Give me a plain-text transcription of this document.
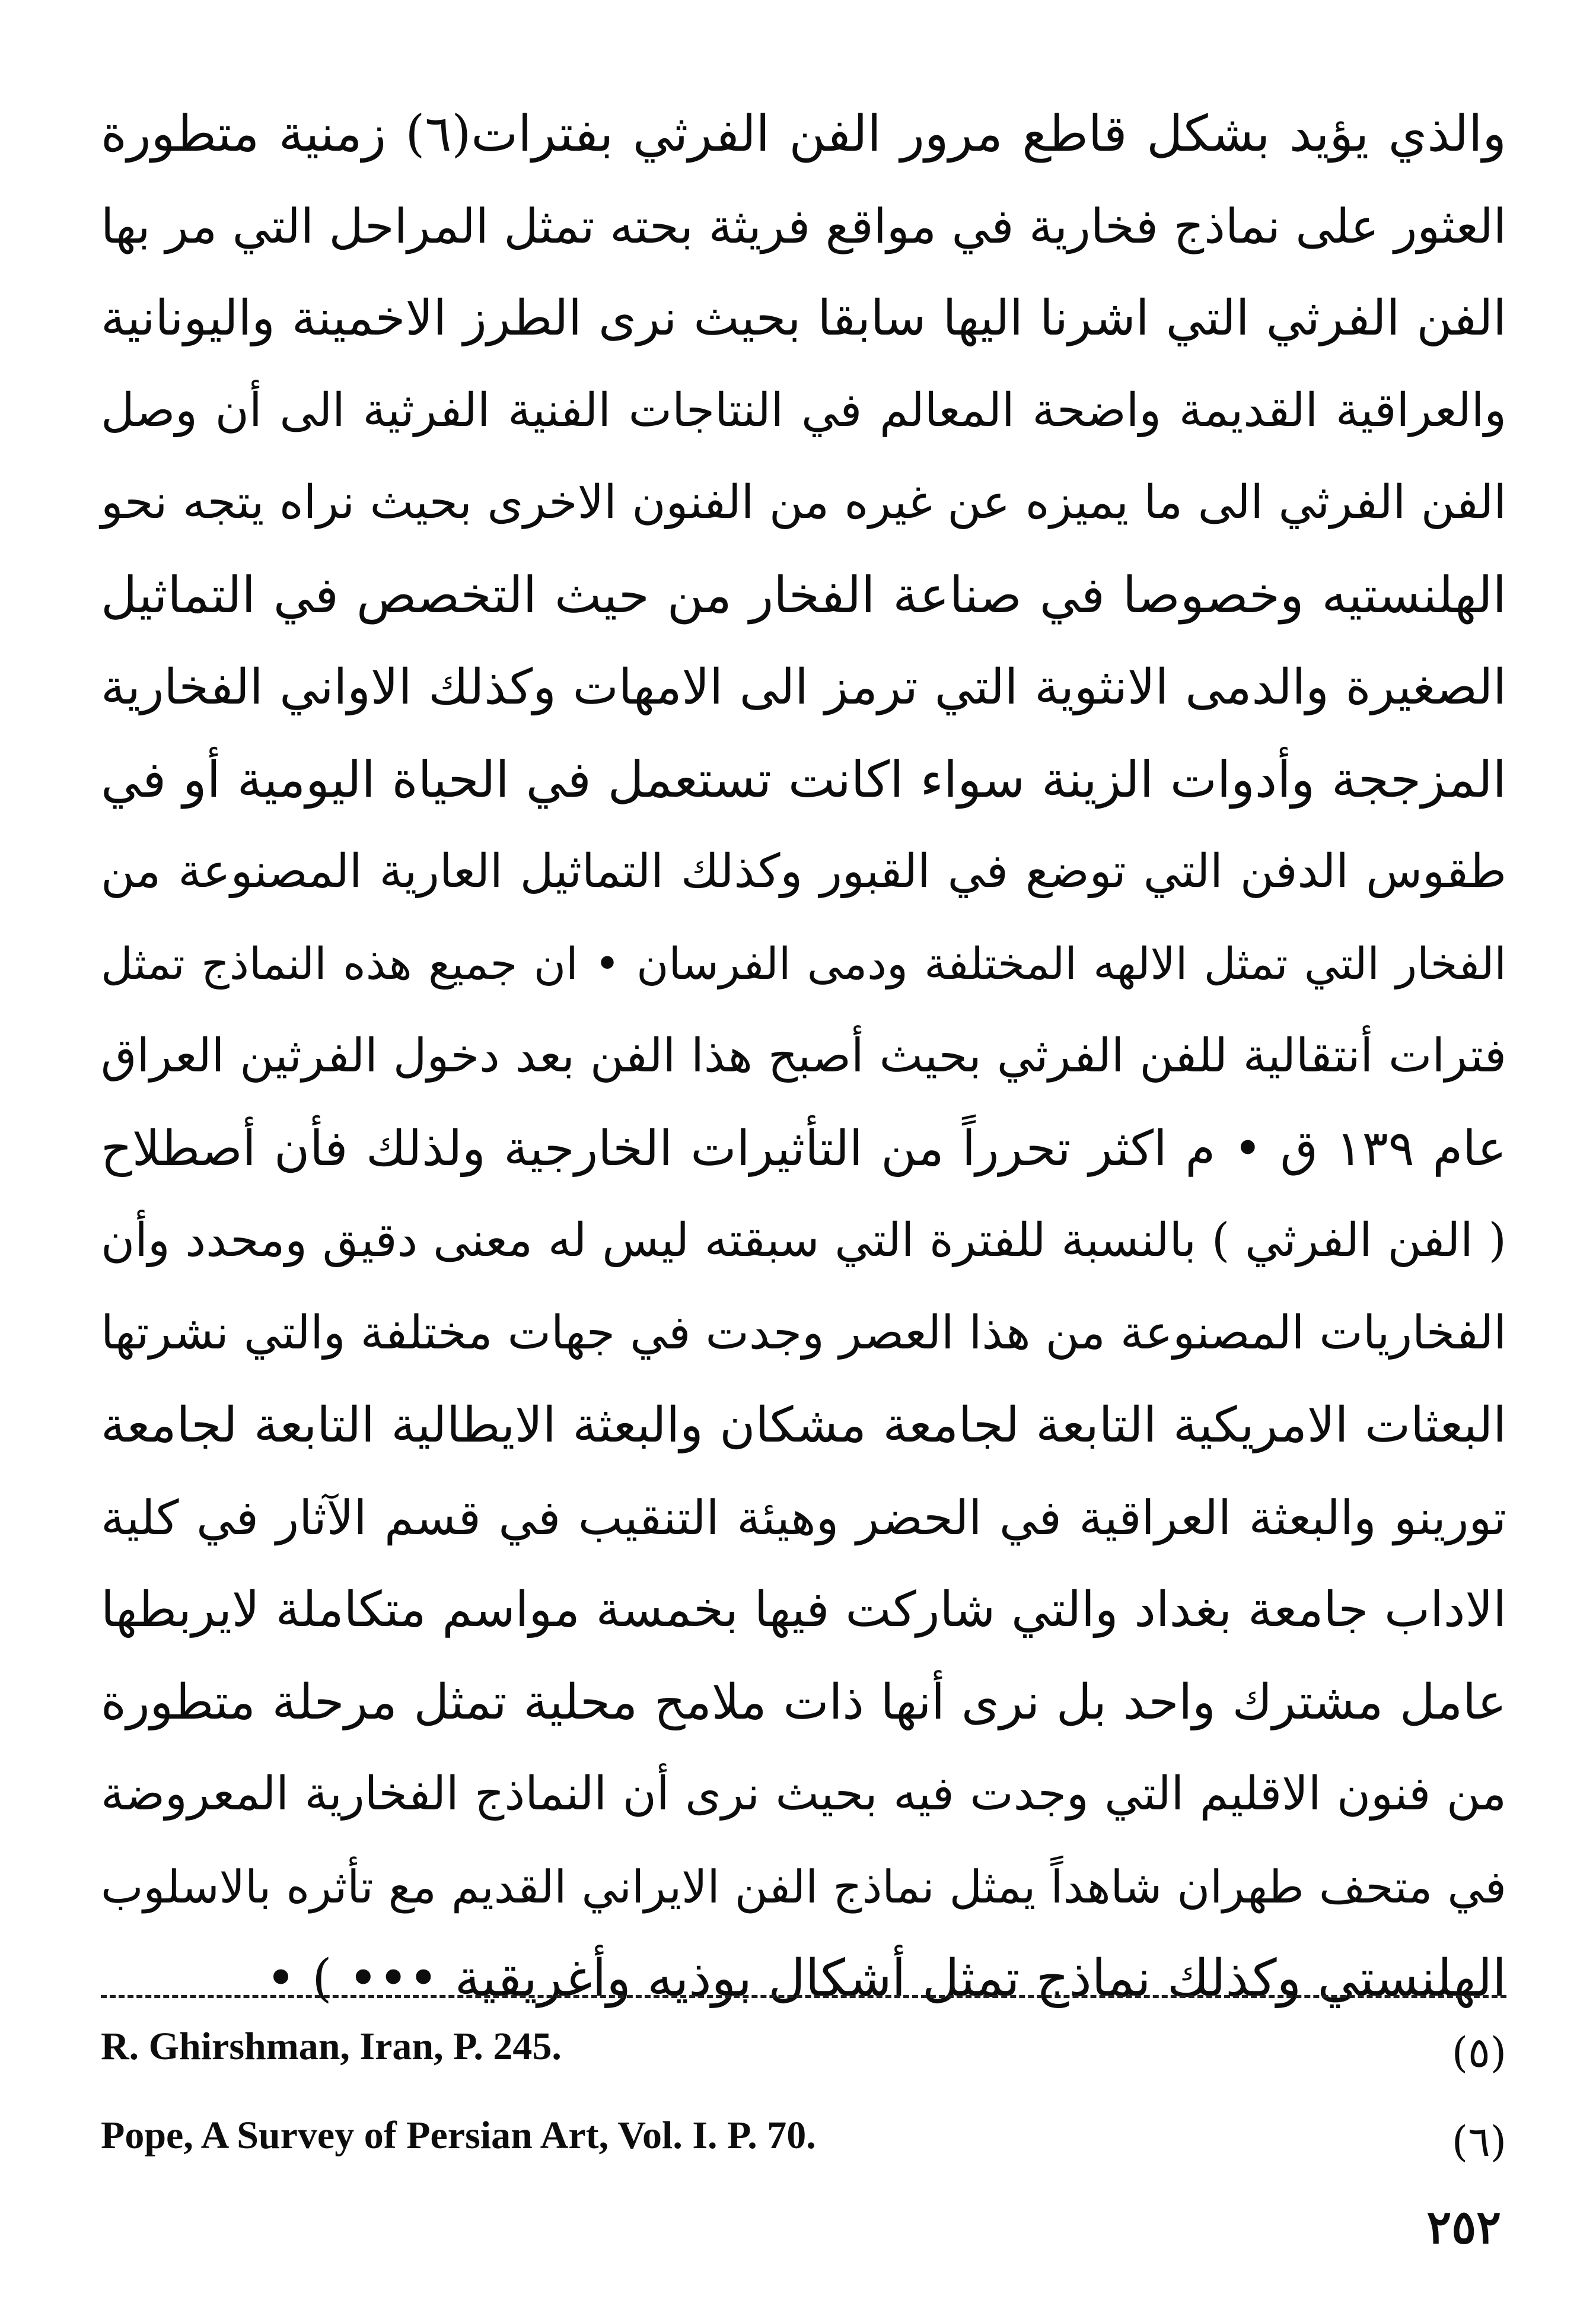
والذي يؤيد بشكل قاطع مرور الفن الفرثي بفترات(٦) زمنية متطورة
العثور على نماذج فخارية في مواقع فريثة بحته تمثل المراحل التي مر بها
الفن الفرثي التي اشرنا اليها سابقا بحيث نرى الطرز الاخمينة واليونانية
والعراقية القديمة واضحة المعالم في النتاجات الفنية الفرثية الى أن وصل
الفن الفرثي الى ما يميزه عن غيره من الفنون الاخرى بحيث نراه يتجه نحو
الهلنستيه وخصوصا في صناعة الفخار من حيث التخصص في التماثيل
الصغيرة والدمى الانثوية التي ترمز الى الامهات وكذلك الاواني الفخارية
المزججة وأدوات الزينة سواء اكانت تستعمل في الحياة اليومية أو في
طقوس الدفن التي توضع في القبور وكذلك التماثيل العارية المصنوعة من
الفخار التي تمثل الالهه المختلفة ودمى الفرسان • ان جميع هذه النماذج تمثل
فترات أنتقالية للفن الفرثي بحيث أصبح هذا الفن بعد دخول الفرثين العراق
عام ١٣٩ ق • م اكثر تحرراً من التأثيرات الخارجية ولذلك فأن أصطلاح
( الفن الفرثي ) بالنسبة للفترة التي سبقته ليس له معنى دقيق ومحدد وأن
الفخاريات المصنوعة من هذا العصر وجدت في جهات مختلفة والتي نشرتها
البعثات الامريكية التابعة لجامعة مشكان والبعثة الايطالية التابعة لجامعة
تورينو والبعثة العراقية في الحضر وهيئة التنقيب في قسم الآثار في كلية
الاداب جامعة بغداد والتي شاركت فيها بخمسة مواسم متكاملة لايربطها
عامل مشترك واحد بل نرى أنها ذات ملامح محلية تمثل مرحلة متطورة
من فنون الاقليم التي وجدت فيه بحيث نرى أن النماذج الفخارية المعروضة
في متحف طهران شاهداً يمثل نماذج الفن الايراني القديم مع تأثره بالاسلوب
الهلنستي وكذلك نماذج تمثل أشكال بوذيه وأغريقية ••• ) •
R. Ghirshman, Iran, P. 245.	(٥)
Pope, A Survey of Persian Art, Vol. I. P. 70.	(٦)
٢٥٢
